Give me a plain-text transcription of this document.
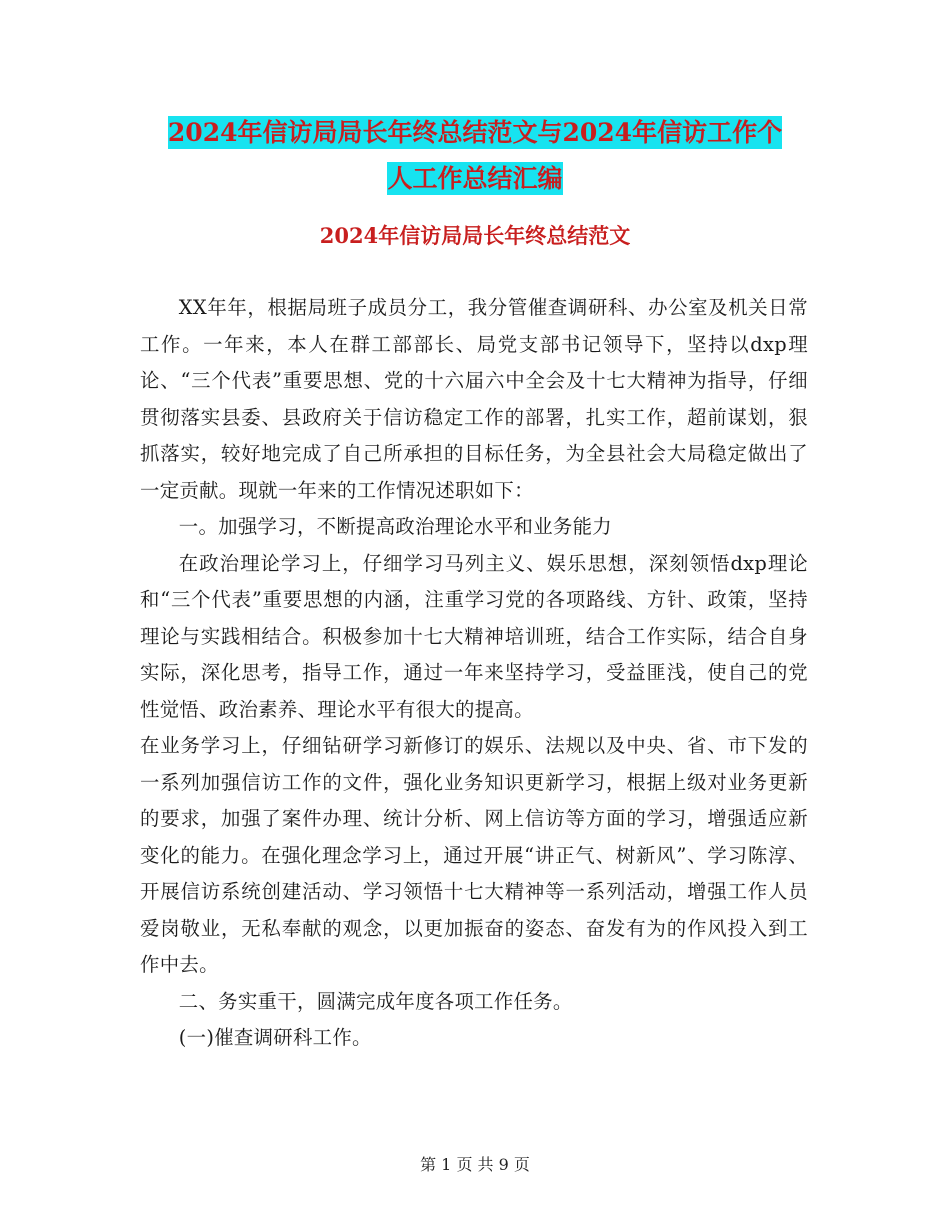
2024年信访局局长年终总结范文与2024年信访工作个
人工作总结汇编
2024年信访局局长年终总结范文

XX年年，根据局班子成员分工，我分管催查调研科、办公室及机关日常工作。一年来，本人在群工部部长、局党支部书记领导下，坚持以dxp理论、“三个代表”重要思想、党的十六届六中全会及十七大精神为指导，仔细贯彻落实县委、县政府关于信访稳定工作的部署，扎实工作，超前谋划，狠抓落实，较好地完成了自己所承担的目标任务，为全县社会大局稳定做出了一定贡献。现就一年来的工作情况述职如下：

一。加强学习，不断提高政治理论水平和业务能力

在政治理论学习上，仔细学习马列主义、娱乐思想，深刻领悟dxp理论和“三个代表”重要思想的内涵，注重学习党的各项路线、方针、政策，坚持理论与实践相结合。积极参加十七大精神培训班，结合工作实际，结合自身实际，深化思考，指导工作，通过一年来坚持学习，受益匪浅，使自己的党性觉悟、政治素养、理论水平有很大的提高。

在业务学习上，仔细钻研学习新修订的娱乐、法规以及中央、省、市下发的一系列加强信访工作的文件，强化业务知识更新学习，根据上级对业务更新的要求，加强了案件办理、统计分析、网上信访等方面的学习，增强适应新变化的能力。在强化理念学习上，通过开展“讲正气、树新风”、学习陈淳、开展信访系统创建活动、学习领悟十七大精神等一系列活动，增强工作人员爱岗敬业，无私奉献的观念，以更加振奋的姿态、奋发有为的作风投入到工作中去。

二、务实重干，圆满完成年度各项工作任务。

(一)催查调研科工作。

第 1 页 共 9 页
